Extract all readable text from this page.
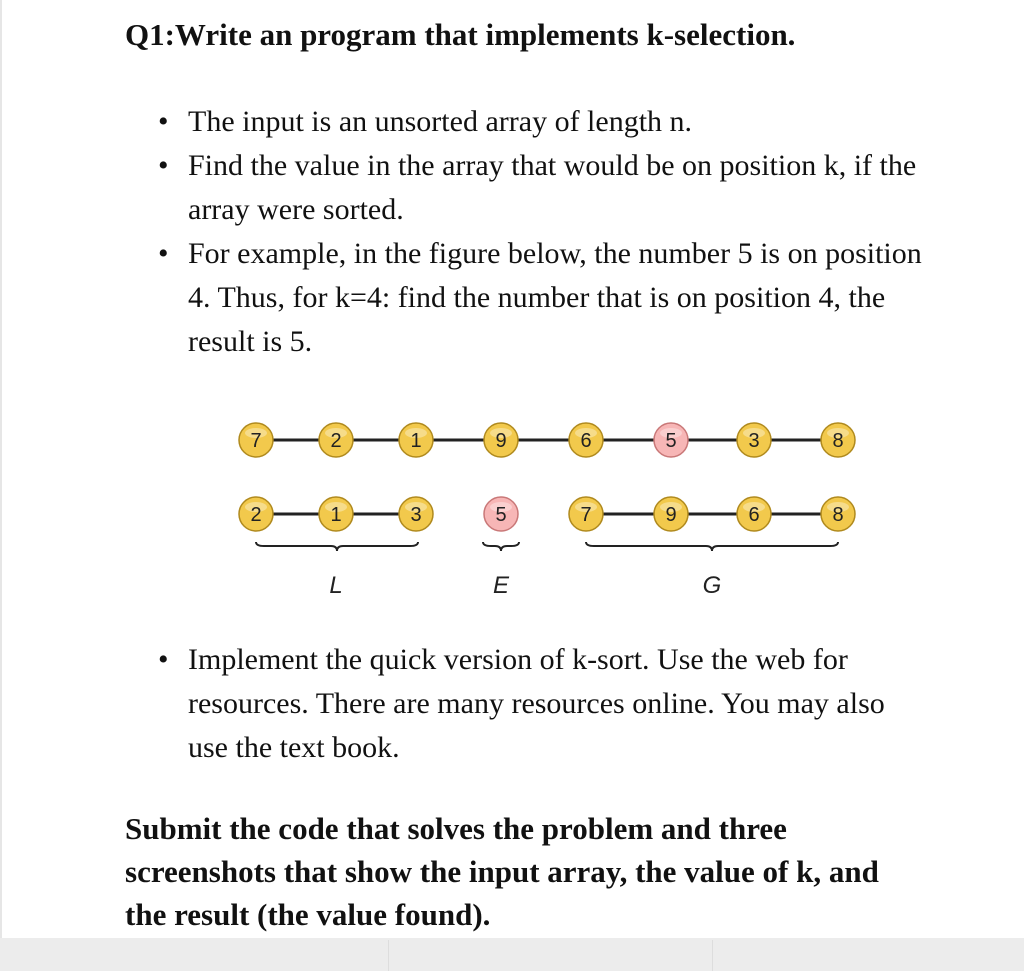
Q1:Write an program that implements k-selection.
• The input is an unsorted array of length n.
• Find the value in the array that would be on position k, if the array were sorted.
• For example, in the figure below, the number 5 is on position 4. Thus, for k=4: find the number that is on position 4, the result is 5.
7	2	1	9	6	5	3	8
2	1	3	5	7	9	6	8
L	E	G
• Implement the quick version of k-sort. Use the web for resources. There are many resources online. You may also use the text book.

Submit the code that solves the problem and three screenshots that show the input array, the value of k, and the result (the value found).
